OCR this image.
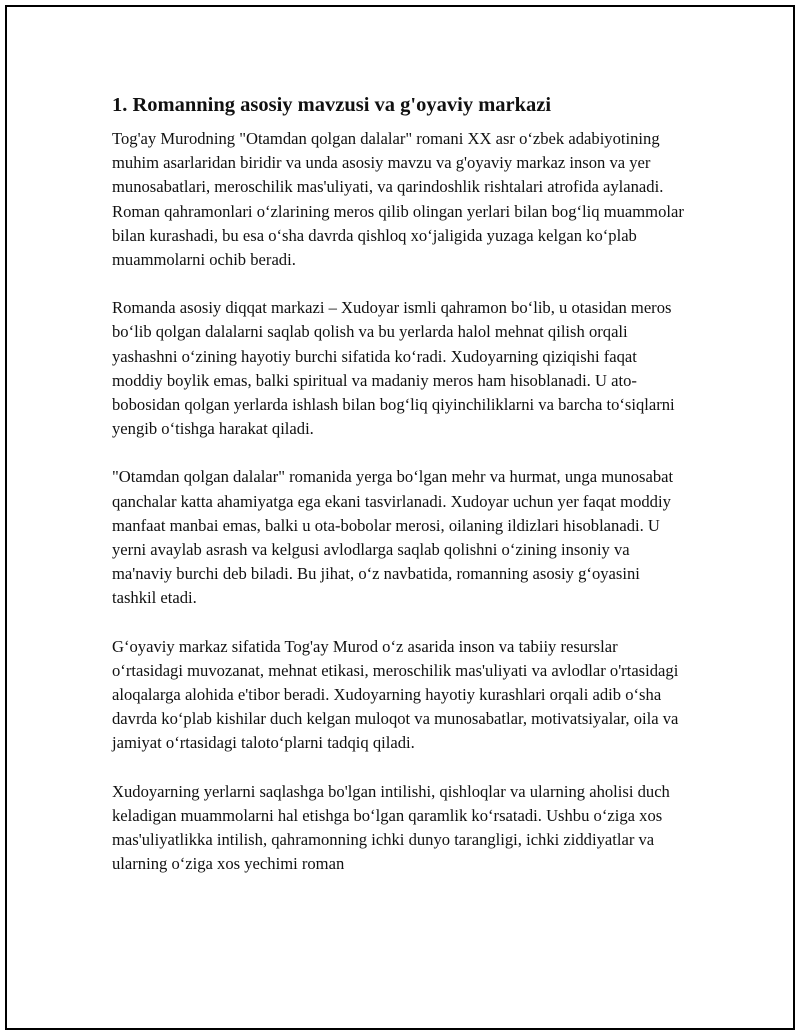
1. Romanning asosiy mavzusi va g'oyaviy markazi

Tog'ay Murodning "Otamdan qolgan dalalar" romani XX asr o‘zbek adabiyotining muhim asarlaridan biridir va unda asosiy mavzu va g'oyaviy markaz inson va yer munosabatlari, meroschilik mas'uliyati, va qarindoshlik rishtalari atrofida aylanadi. Roman qahramonlari o‘zlarining meros qilib olingan yerlari bilan bog‘liq muammolar bilan kurashadi, bu esa o‘sha davrda qishloq xo‘jaligida yuzaga kelgan ko‘plab muammolarni ochib beradi.

Romanda asosiy diqqat markazi – Xudoyar ismli qahramon bo‘lib, u otasidan meros bo‘lib qolgan dalalarni saqlab qolish va bu yerlarda halol mehnat qilish orqali yashashni o‘zining hayotiy burchi sifatida ko‘radi. Xudoyarning qiziqishi faqat moddiy boylik emas, balki spiritual va madaniy meros ham hisoblanadi. U ato-bobosidan qolgan yerlarda ishlash bilan bog‘liq qiyinchiliklarni va barcha to‘siqlarni yengib o‘tishga harakat qiladi.

"Otamdan qolgan dalalar" romanida yerga bo‘lgan mehr va hurmat, unga munosabat qanchalar katta ahamiyatga ega ekani tasvirlanadi. Xudoyar uchun yer faqat moddiy manfaat manbai emas, balki u ota-bobolar merosi, oilaning ildizlari hisoblanadi. U yerni avaylab asrash va kelgusi avlodlarga saqlab qolishni o‘zining insoniy va ma'naviy burchi deb biladi. Bu jihat, o‘z navbatida, romanning asosiy g‘oyasini tashkil etadi.

G‘oyaviy markaz sifatida Tog'ay Murod o‘z asarida inson va tabiiy resurslar o‘rtasidagi muvozanat, mehnat etikasi, meroschilik mas'uliyati va avlodlar o'rtasidagi aloqalarga alohida e'tibor beradi. Xudoyarning hayotiy kurashlari orqali adib o‘sha davrda ko‘plab kishilar duch kelgan muloqot va munosabatlar, motivatsiyalar, oila va jamiyat o‘rtasidagi taloto‘plarni tadqiq qiladi.

Xudoyarning yerlarni saqlashga bo'lgan intilishi, qishloqlar va ularning aholisi duch keladigan muammolarni hal etishga bo‘lgan qaramlik ko‘rsatadi. Ushbu o‘ziga xos mas'uliyatlikka intilish, qahramonning ichki dunyo tarangligi, ichki ziddiyatlar va ularning o‘ziga xos yechimi roman
